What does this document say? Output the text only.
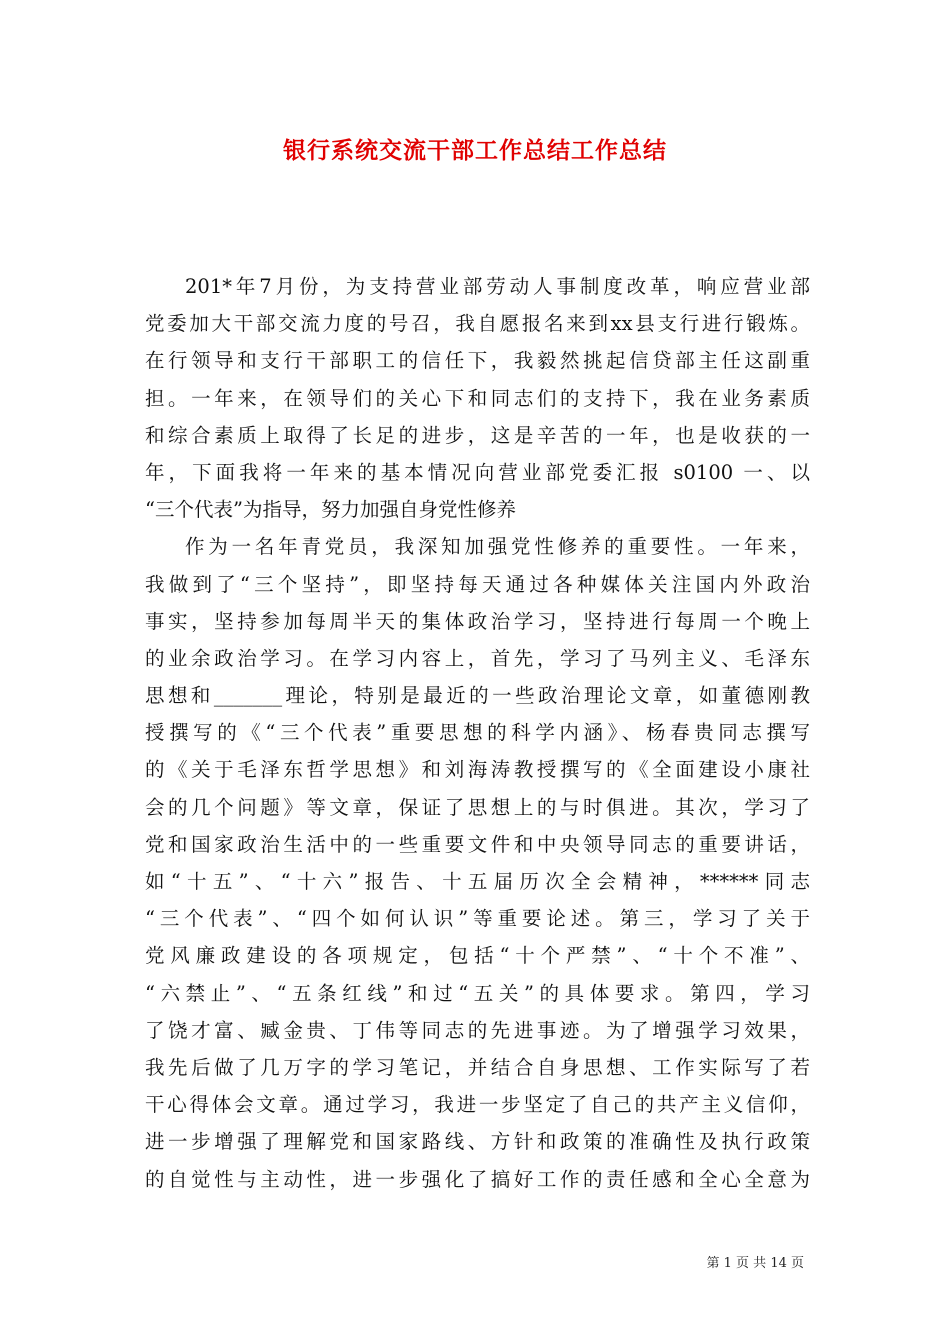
银行系统交流干部工作总结工作总结
201*年7月份，为支持营业部劳动人事制度改革，响应营业部
党委加大干部交流力度的号召，我自愿报名来到xx县支行进行锻炼。
在行领导和支行干部职工的信任下，我毅然挑起信贷部主任这副重
担。一年来，在领导们的关心下和同志们的支持下，我在业务素质
和综合素质上取得了长足的进步，这是辛苦的一年，也是收获的一
年，下面我将一年来的基本情况向营业部党委汇报 s0100 一、以
“三个代表”为指导，努力加强自身党性修养
作为一名年青党员，我深知加强党性修养的重要性。一年来，
我做到了“三个坚持”，即坚持每天通过各种媒体关注国内外政治
事实，坚持参加每周半天的集体政治学习，坚持进行每周一个晚上
的业余政治学习。在学习内容上，首先，学习了马列主义、毛泽东
思想和_______理论，特别是最近的一些政治理论文章，如董德刚教
授撰写的《“三个代表”重要思想的科学内涵》、杨春贵同志撰写
的《关于毛泽东哲学思想》和刘海涛教授撰写的《全面建设小康社
会的几个问题》等文章，保证了思想上的与时俱进。其次，学习了
党和国家政治生活中的一些重要文件和中央领导同志的重要讲话，
如“十五”、“十六”报告、十五届历次全会精神，******同志
“三个代表”、“四个如何认识”等重要论述。第三，学习了关于
党风廉政建设的各项规定，包括“十个严禁”、“十个不准”、
“六禁止”、“五条红线”和过“五关”的具体要求。第四，学习
了饶才富、臧金贵、丁伟等同志的先进事迹。为了增强学习效果，
我先后做了几万字的学习笔记，并结合自身思想、工作实际写了若
干心得体会文章。通过学习，我进一步坚定了自己的共产主义信仰，
进一步增强了理解党和国家路线、方针和政策的准确性及执行政策
的自觉性与主动性，进一步强化了搞好工作的责任感和全心全意为
第 1 页 共 14 页
